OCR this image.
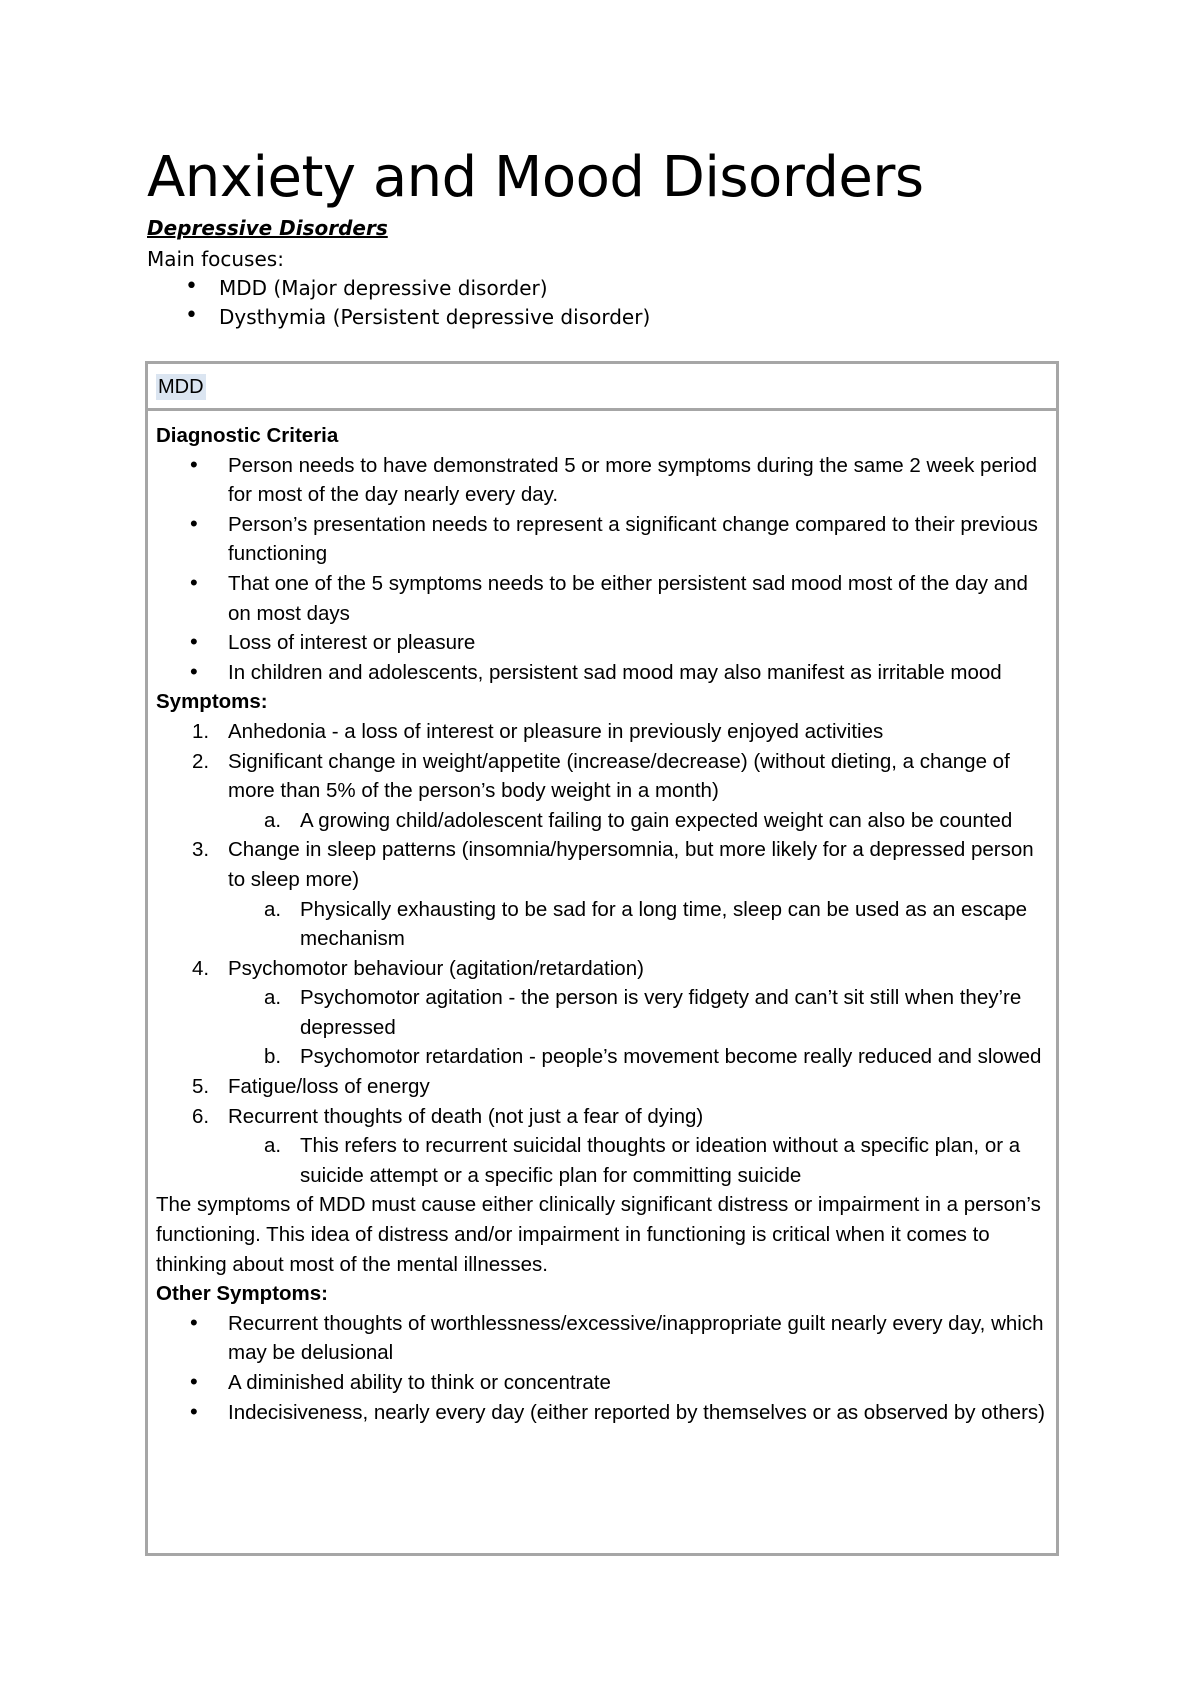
Anxiety and Mood Disorders
Depressive Disorders
Main focuses:
• MDD (Major depressive disorder)
• Dysthymia (Persistent depressive disorder)
MDD
Diagnostic Criteria
• Person needs to have demonstrated 5 or more symptoms during the same 2 week period for most of the day nearly every day.
• Person’s presentation needs to represent a significant change compared to their previous functioning
• That one of the 5 symptoms needs to be either persistent sad mood most of the day and on most days
• Loss of interest or pleasure
• In children and adolescents, persistent sad mood may also manifest as irritable mood
Symptoms:
1. Anhedonia - a loss of interest or pleasure in previously enjoyed activities
2. Significant change in weight/appetite (increase/decrease) (without dieting, a change of more than 5% of the person’s body weight in a month)
a. A growing child/adolescent failing to gain expected weight can also be counted
3. Change in sleep patterns (insomnia/hypersomnia, but more likely for a depressed person to sleep more)
a. Physically exhausting to be sad for a long time, sleep can be used as an escape mechanism
4. Psychomotor behaviour (agitation/retardation)
a. Psychomotor agitation - the person is very fidgety and can’t sit still when they’re depressed
b. Psychomotor retardation - people’s movement become really reduced and slowed
5. Fatigue/loss of energy
6. Recurrent thoughts of death (not just a fear of dying)
a. This refers to recurrent suicidal thoughts or ideation without a specific plan, or a suicide attempt or a specific plan for committing suicide

The symptoms of MDD must cause either clinically significant distress or impairment in a person’s functioning. This idea of distress and/or impairment in functioning is critical when it comes to thinking about most of the mental illnesses.

Other Symptoms:
• Recurrent thoughts of worthlessness/excessive/inappropriate guilt nearly every day, which may be delusional
• A diminished ability to think or concentrate
• Indecisiveness, nearly every day (either reported by themselves or as observed by others)
